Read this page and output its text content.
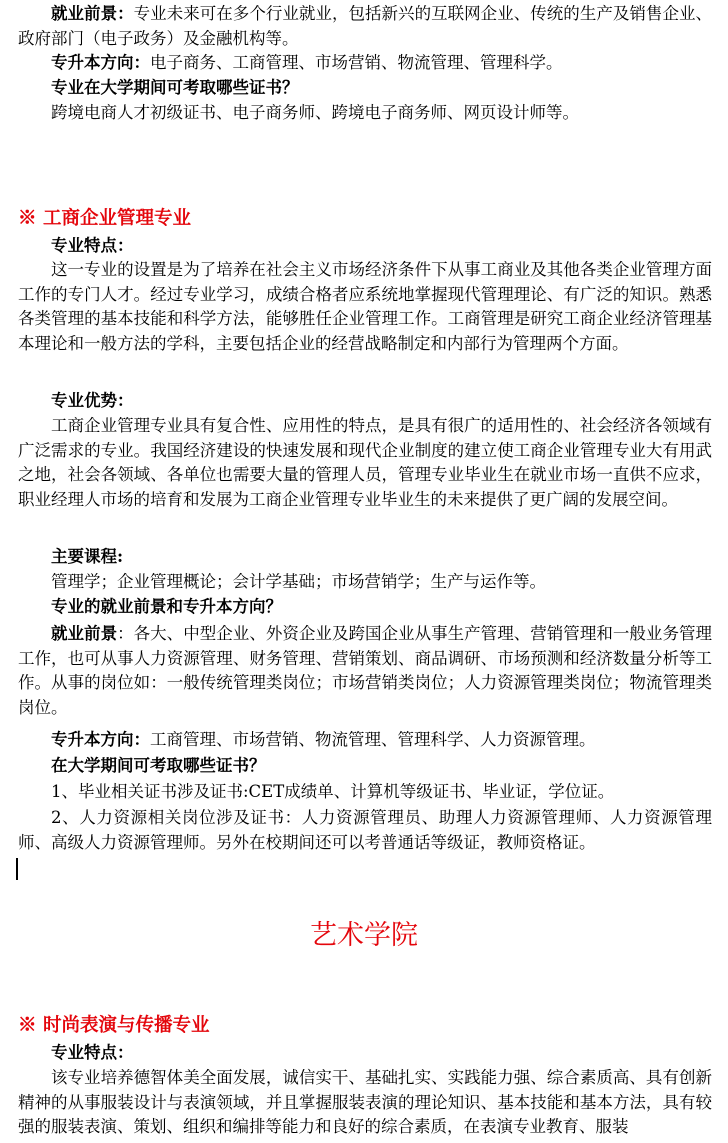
就业前景：专业未来可在多个行业就业，包括新兴的互联网企业、传统的生产及销售企业、政府部门（电子政务）及金融机构等。

专升本方向：电子商务、工商管理、市场营销、物流管理、管理科学。

专业在大学期间可考取哪些证书？

跨境电商人才初级证书、电子商务师、跨境电子商务师、网页设计师等。

※ 工商企业管理专业

专业特点：

这一专业的设置是为了培养在社会主义市场经济条件下从事工商业及其他各类企业管理方面工作的专门人才。经过专业学习，成绩合格者应系统地掌握现代管理理论、有广泛的知识。熟悉各类管理的基本技能和科学方法，能够胜任企业管理工作。工商管理是研究工商企业经济管理基本理论和一般方法的学科，主要包括企业的经营战略制定和内部行为管理两个方面。

专业优势：

工商企业管理专业具有复合性、应用性的特点，是具有很广的适用性的、社会经济各领域有广泛需求的专业。我国经济建设的快速发展和现代企业制度的建立使工商企业管理专业大有用武之地，社会各领域、各单位也需要大量的管理人员，管理专业毕业生在就业市场一直供不应求，职业经理人市场的培育和发展为工商企业管理专业毕业生的未来提供了更广阔的发展空间。

主要课程:

管理学；企业管理概论；会计学基础；市场营销学；生产与运作等。

专业的就业前景和专升本方向？

就业前景：各大、中型企业、外资企业及跨国企业从事生产管理、营销管理和一般业务管理工作，也可从事人力资源管理、财务管理、营销策划、商品调研、市场预测和经济数量分析等工作。从事的岗位如：一般传统管理类岗位；市场营销类岗位；人力资源管理类岗位；物流管理类岗位。

专升本方向：工商管理、市场营销、物流管理、管理科学、人力资源管理。

在大学期间可考取哪些证书？

1、毕业相关证书涉及证书:CET成绩单、计算机等级证书、毕业证，学位证。

2、人力资源相关岗位涉及证书：人力资源管理员、助理人力资源管理师、人力资源管理师、高级人力资源管理师。另外在校期间还可以考普通话等级证，教师资格证。

艺术学院

※ 时尚表演与传播专业

专业特点：

该专业培养德智体美全面发展，诚信实干、基础扎实、实践能力强、综合素质高、具有创新精神的从事服装设计与表演领域，并且掌握服装表演的理论知识、基本技能和基本方法，具有较强的服装表演、策划、组织和编排等能力和良好的综合素质，在表演专业教育、服装
